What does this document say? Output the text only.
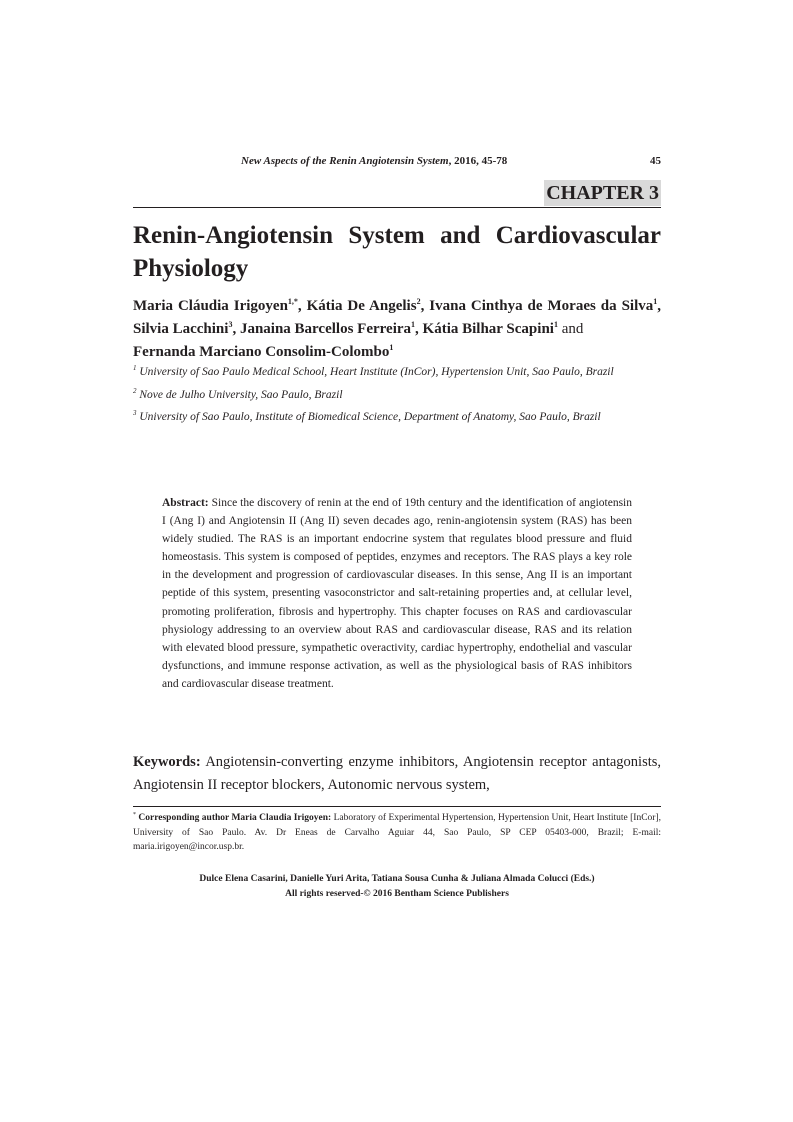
New Aspects of the Renin Angiotensin System, 2016, 45-78	45
CHAPTER 3
Renin-Angiotensin System and Cardiovascular
Physiology
Maria Cláudia Irigoyen$^{1,*}$, Kátia De Angelis$^2$, Ivana Cinthya de Moraes da Silva$^1$, Silvia Lacchini$^3$, Janaina Barcellos Ferreira$^1$, Kátia Bilhar Scapini$^1$ and
Fernanda Marciano Consolim-Colombo$^1$
$^1$ University of Sao Paulo Medical School, Heart Institute (InCor), Hypertension Unit, Sao Paulo, Brazil
$^2$ Nove de Julho University, Sao Paulo, Brazil
$^3$ University of Sao Paulo, Institute of Biomedical Science, Department of Anatomy, Sao Paulo, Brazil
Abstract: Since the discovery of renin at the end of 19th century and the identification of angiotensin I (Ang I) and Angiotensin II (Ang II) seven decades ago, renin-angiotensin system (RAS) has been widely studied. The RAS is an important endocrine system that regulates blood pressure and fluid homeostasis. This system is composed of peptides, enzymes and receptors. The RAS plays a key role in the development and progression of cardiovascular diseases. In this sense, Ang II is an important peptide of this system, presenting vasoconstrictor and salt-retaining properties and, at cellular level, promoting proliferation, fibrosis and hypertrophy. This chapter focuses on RAS and cardiovascular physiology addressing to an overview about RAS and cardiovascular disease, RAS and its relation with elevated blood pressure, sympathetic overactivity, cardiac hypertrophy, endothelial and vascular dysfunctions, and immune response activation, as well as the physiological basis of RAS inhibitors and cardiovascular disease treatment.
Keywords: Angiotensin-converting enzyme inhibitors, Angiotensin receptor antagonists, Angiotensin II receptor blockers, Autonomic nervous system,
* Corresponding author Maria Claudia Irigoyen: Laboratory of Experimental Hypertension, Hypertension Unit, Heart Institute [InCor], University of Sao Paulo. Av. Dr Eneas de Carvalho Aguiar 44, Sao Paulo, SP CEP 05403-000, Brazil; E-mail: maria.irigoyen@incor.usp.br.
Dulce Elena Casarini, Danielle Yuri Arita, Tatiana Sousa Cunha & Juliana Almada Colucci (Eds.)
All rights reserved-© 2016 Bentham Science Publishers
